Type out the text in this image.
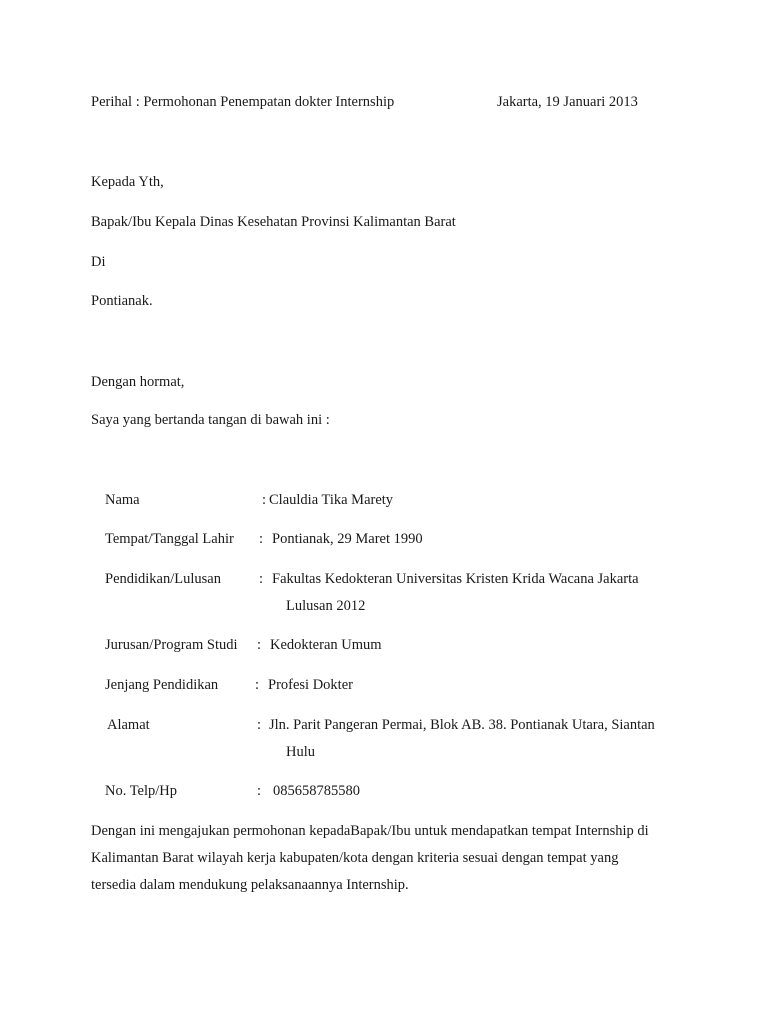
Perihal : Permohonan Penempatan dokter Internship	Jakarta, 19 Januari 2013
Kepada Yth,
Bapak/Ibu Kepala Dinas Kesehatan Provinsi Kalimantan Barat
Di
Pontianak.
Dengan hormat,
Saya yang bertanda tangan di bawah ini :
Nama	: Clauldia Tika Marety
Tempat/Tanggal Lahir : Pontianak, 29 Maret 1990
Pendidikan/Lulusan	: Fakultas Kedokteran Universitas Kristen Krida Wacana Jakarta
Lulusan 2012
Jurusan/Program Studi : Kedokteran Umum
Jenjang Pendidikan	: Profesi Dokter
Alamat	: Jln. Parit Pangeran Permai, Blok AB. 38. Pontianak Utara, Siantan
Hulu
No. Telp/Hp	: 085658785580
Dengan ini mengajukan permohonan kepadaBapak/Ibu untuk mendapatkan tempat Internship di
Kalimantan Barat wilayah kerja kabupaten/kota dengan kriteria sesuai dengan tempat yang
tersedia dalam mendukung pelaksanaannya Internship.
